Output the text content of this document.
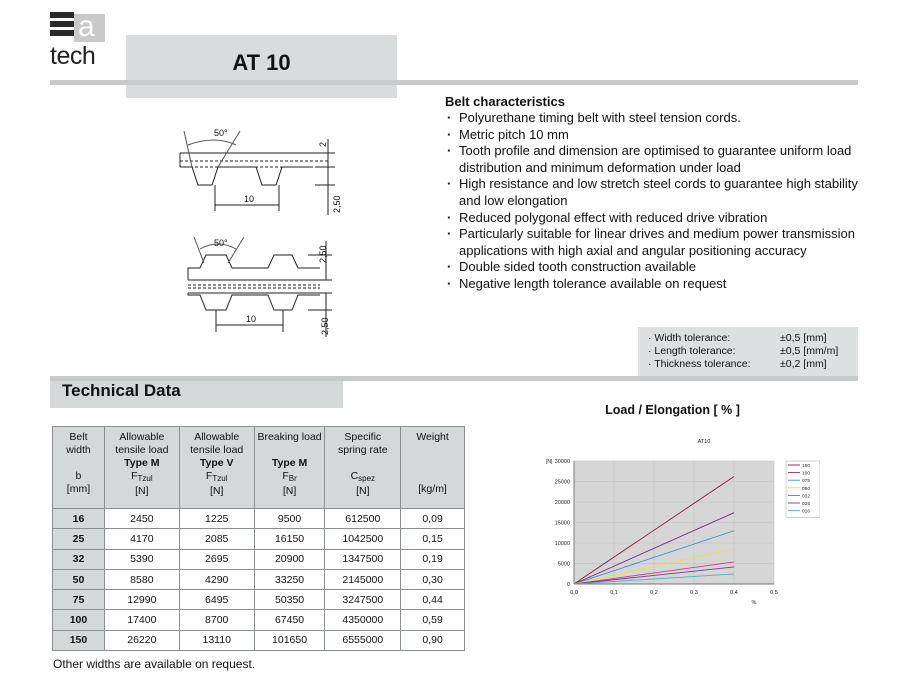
a
tech	AT 10
50°
10
2
2,50
50°
10
2,50
2,50
Belt characteristics
· Polyurethane timing belt with steel tension cords.
· Metric pitch 10 mm
· Tooth profile and dimension are optimised to guarantee uniform load distribution and minimum deformation under load
· High resistance and low stretch steel cords to guarantee high stability and low elongation
· Reduced polygonal effect with reduced drive vibration
· Particularly suitable for linear drives and medium power transmission applications with high axial and angular positioning accuracy
· Double sided tooth construction available
· Negative length tolerance available on request
· Width tolerance:	±0,5 [mm]
· Length tolerance:	±0,5 [mm/m]
· Thickness tolerance:	±0,2 [mm]
Technical Data
Belt
width

b
[mm]	Allowable
tensile load
Type M
$F_{Tzul}$
[N]	Allowable
tensile load
Type V
$F_{Tzul}$
[N]	Breaking load

Type M
$F_{Br}$
[N]	Specific
spring rate

$C_{spez}$
[N]	Weight

[kg/m]
16	2450	1225	9500	612500	0,09
25	4170	2085	16150	1042500	0,15
32	5390	2695	20900	1347500	0,19
50	8580	4290	33250	2145000	0,30
75	12990	6495	50350	3247500	0,44
100	17400	8700	67450	4350000	0,59
150	26220	13110	101650	6555000	0,90
Other widths are available on request.
Load / Elongation [ % ]
0
5000
10000
15000
20000
25000
30000
0,0	0,1	0,2	0,3	0,4	0,5
150
100
075
050
032
025
016
AT10
[N]
%
